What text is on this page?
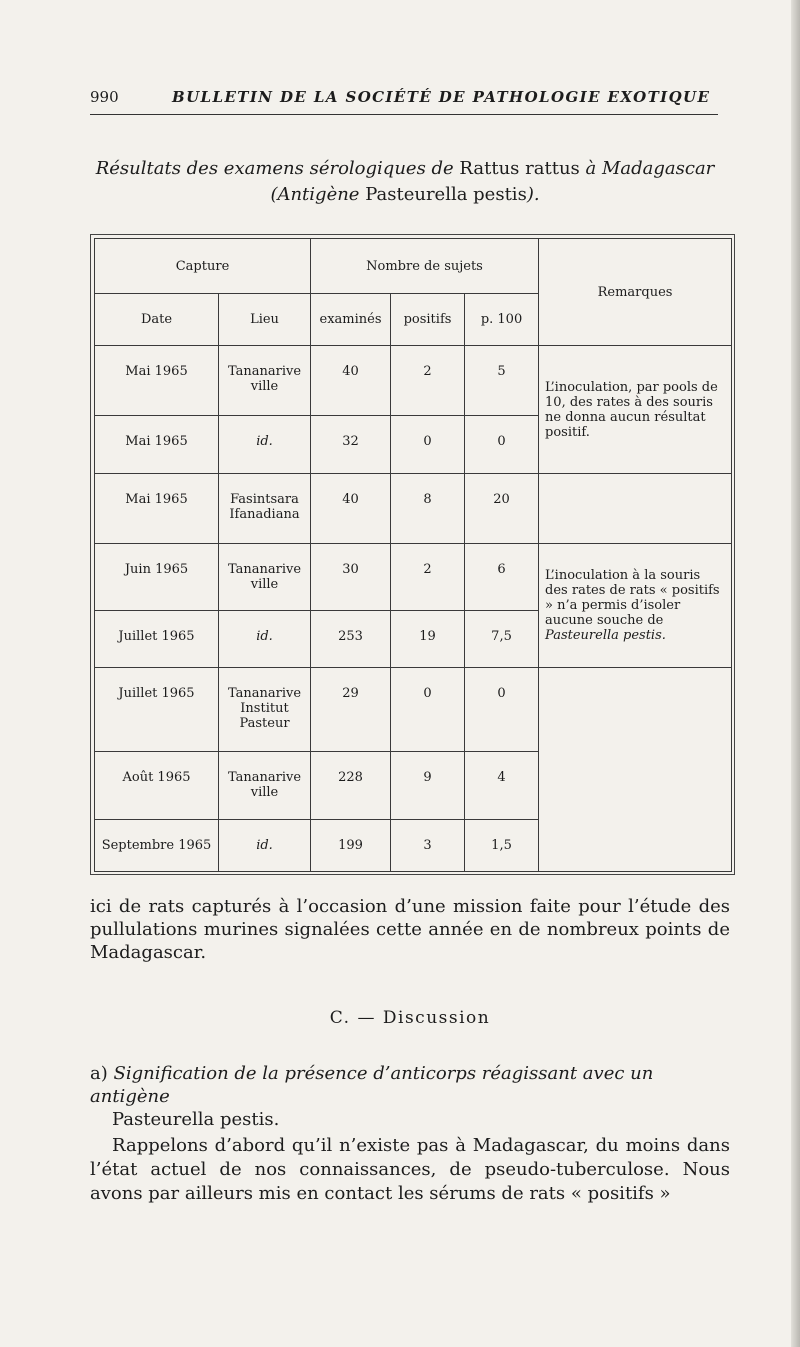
990	BULLETIN DE LA SOCIÉTÉ DE PATHOLOGIE EXOTIQUE
Résultats des examens sérologiques de Rattus rattus à Madagascar
(Antigène Pasteurella pestis).
Capture		Nombre de sujets			Remarques
Date	Lieu	examinés	positifs	p. 100	
Mai 1965	Tananarive ville	40	2	5	L’inoculation, par pools de 10, des rates à des souris ne donna aucun résultat positif.
Mai 1965	id.	32	0	0	
Mai 1965	Fasintsara Ifanadiana	40	8	20	
Juin 1965	Tananarive ville	30	2	6	L’inoculation à la souris des rates de rats « positifs » n’a permis d’isoler aucune souche de Pasteurella pestis.
Juillet 1965	id.	253	19	7,5	
Juillet 1965	Tananarive Institut Pasteur	29	0	0	
Août 1965	Tananarive ville	228	9	4	
Septembre 1965	id.	199	3	1,5	
ici de rats capturés à l’occasion d’une mission faite pour l’étude des pullulations murines signalées cette année en de nombreux points de Madagascar.
C. — Discussion
a) Signification de la présence d’anticorps réagissant avec un antigène
Pasteurella pestis.
Rappelons d’abord qu’il n’existe pas à Madagascar, du moins dans l’état actuel de nos connaissances, de pseudo-tuberculose. Nous avons par ailleurs mis en contact les sérums de rats « positifs »
